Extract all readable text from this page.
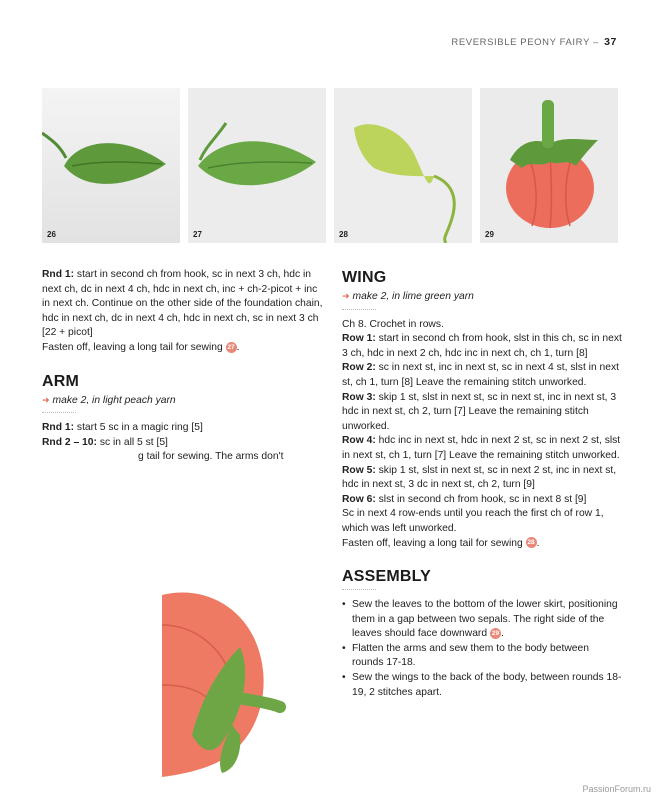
REVERSIBLE PEONY FAIRY – 37
26	27	28	29

Rnd 1: start in second ch from hook, sc in next 3 ch, hdc in next ch, dc in next 4 ch, hdc in next ch, inc + ch-2-picot + inc in next ch. Continue on the other side of the foundation chain, hdc in next ch, dc in next 4 ch, hdc in next ch, sc in next 3 ch [22 + picot]

Fasten off, leaving a long tail for sewing 27 .

ARM
➜ make 2, in light peach yarn

Rnd 1: start 5 sc in a magic ring [5]

Rnd 2 – 10: sc in all 5 st [5]

g tail for sewing. The arms don't

WING
➜ make 2, in lime green yarn

Ch 8. Crochet in rows.

Row 1: start in second ch from hook, slst in this ch, sc in next 3 ch, hdc in next 2 ch, hdc inc in next ch, ch 1, turn [8]

Row 2: sc in next st, inc in next st, sc in next 4 st, slst in next st, ch 1, turn [8] Leave the remaining stitch unworked.

Row 3: skip 1 st, slst in next st, sc in next st, inc in next st, 3 hdc in next st, ch 2, turn [7] Leave the remaining stitch unworked.

Row 4: hdc inc in next st, hdc in next 2 st, sc in next 2 st, slst in next st, ch 1, turn [7] Leave the remaining stitch unworked.

Row 5: skip 1 st, slst in next st, sc in next 2 st, inc in next st, hdc in next st, 3 dc in next st, ch 2, turn [9]

Row 6: slst in second ch from hook, sc in next 8 st [9]

Sc in next 4 row-ends until you reach the first ch of row 1, which was left unworked.

Fasten off, leaving a long tail for sewing 28 .

ASSEMBLY
• Sew the leaves to the bottom of the lower skirt, positioning them in a gap between two sepals. The right side of the leaves should face downward 29 .
• Flatten the arms and sew them to the body between rounds 17-18.
• Sew the wings to the back of the body, between rounds 18-19, 2 stitches apart.
PassionForum.ru
